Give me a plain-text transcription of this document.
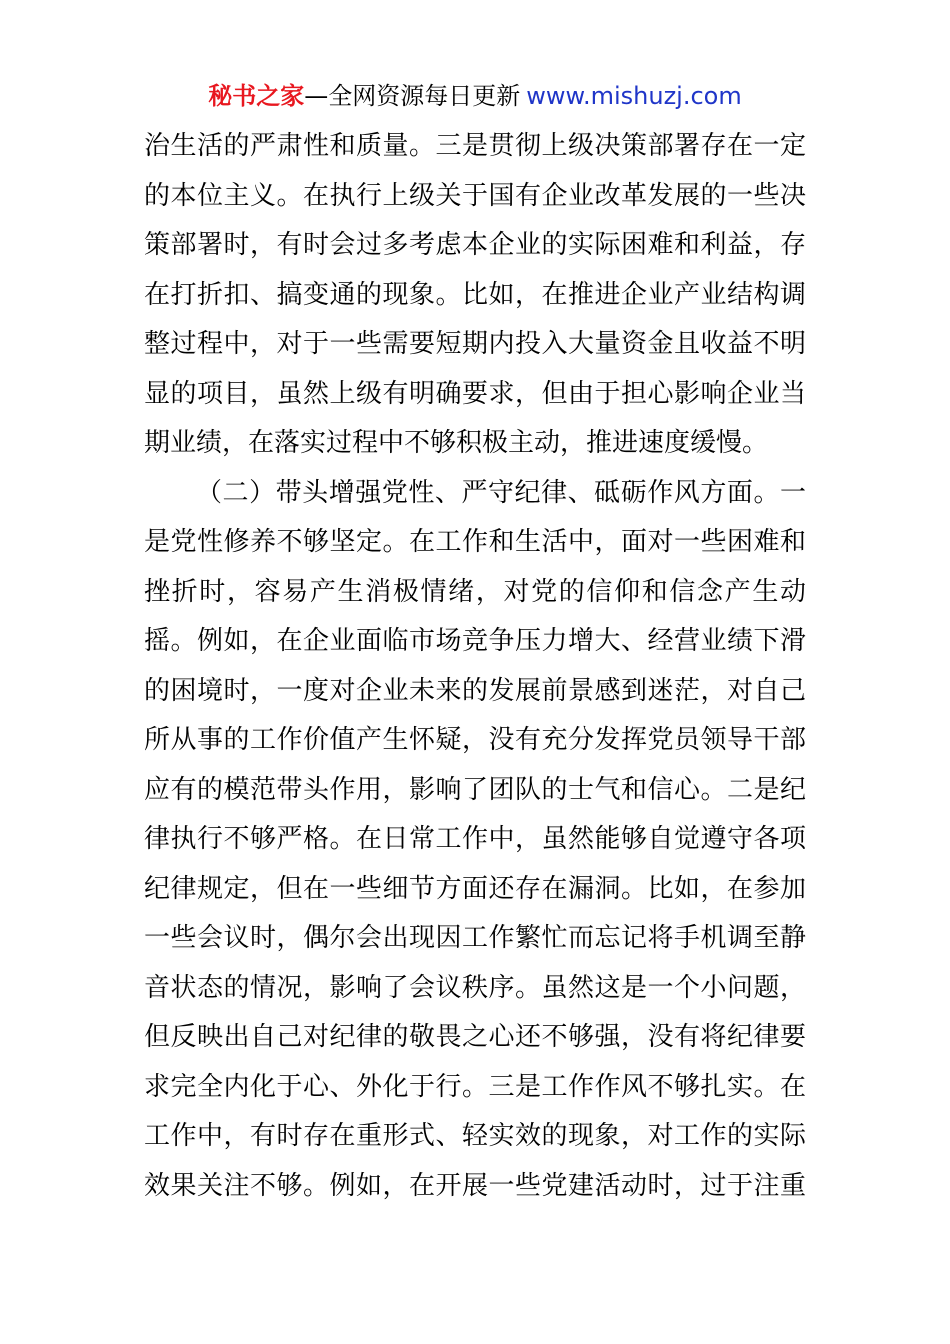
秘书之家—全网资源每日更新 www.mishuzj.com
治生活的严肃性和质量。三是贯彻上级决策部署存在一定
的本位主义。在执行上级关于国有企业改革发展的一些决
策部署时，有时会过多考虑本企业的实际困难和利益，存
在打折扣、搞变通的现象。比如，在推进企业产业结构调
整过程中，对于一些需要短期内投入大量资金且收益不明
显的项目，虽然上级有明确要求，但由于担心影响企业当
期业绩，在落实过程中不够积极主动，推进速度缓慢。
（二）带头增强党性、严守纪律、砥砺作风方面。一
是党性修养不够坚定。在工作和生活中，面对一些困难和
挫折时，容易产生消极情绪，对党的信仰和信念产生动
摇。例如，在企业面临市场竞争压力增大、经营业绩下滑
的困境时，一度对企业未来的发展前景感到迷茫，对自己
所从事的工作价值产生怀疑，没有充分发挥党员领导干部
应有的模范带头作用，影响了团队的士气和信心。二是纪
律执行不够严格。在日常工作中，虽然能够自觉遵守各项
纪律规定，但在一些细节方面还存在漏洞。比如，在参加
一些会议时，偶尔会出现因工作繁忙而忘记将手机调至静
音状态的情况，影响了会议秩序。虽然这是一个小问题，
但反映出自己对纪律的敬畏之心还不够强，没有将纪律要
求完全内化于心、外化于行。三是工作作风不够扎实。在
工作中，有时存在重形式、轻实效的现象，对工作的实际
效果关注不够。例如，在开展一些党建活动时，过于注重
